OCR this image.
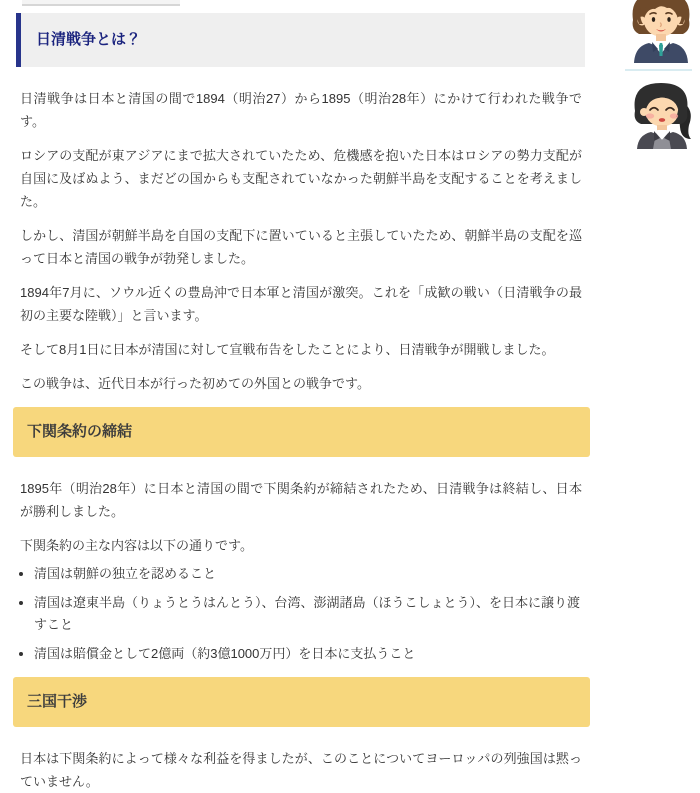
日清戦争とは？

日清戦争は日本と清国の間で1894（明治27）から1895（明治28年）にかけて行われた戦争です。

ロシアの支配が東アジアにまで拡大されていたため、危機感を抱いた日本はロシアの勢力支配が自国に及ばぬよう、まだどの国からも支配されていなかった朝鮮半島を支配することを考えました。

しかし、清国が朝鮮半島を自国の支配下に置いていると主張していたため、朝鮮半島の支配を巡って日本と清国の戦争が勃発しました。

1894年7月に、ソウル近くの豊島沖で日本軍と清国が激突。これを「成歓の戦い（日清戦争の最初の主要な陸戦）」と言います。

そして8月1日に日本が清国に対して宣戦布告をしたことにより、日清戦争が開戦しました。

この戦争は、近代日本が行った初めての外国との戦争です。

下関条約の締結

1895年（明治28年）に日本と清国の間で下関条約が締結されたため、日清戦争は終結し、日本が勝利しました。

下関条約の主な内容は以下の通りです。

• 清国は朝鮮の独立を認めること
• 清国は遼東半島（りょうとうはんとう）、台湾、澎湖諸島（ほうこしょとう）、を日本に譲り渡すこと
• 清国は賠償金として2億両（約3億1000万円）を日本に支払うこと
三国干渉

日本は下関条約によって様々な利益を得ましたが、このことについてヨーロッパの列強国は黙っていません。
